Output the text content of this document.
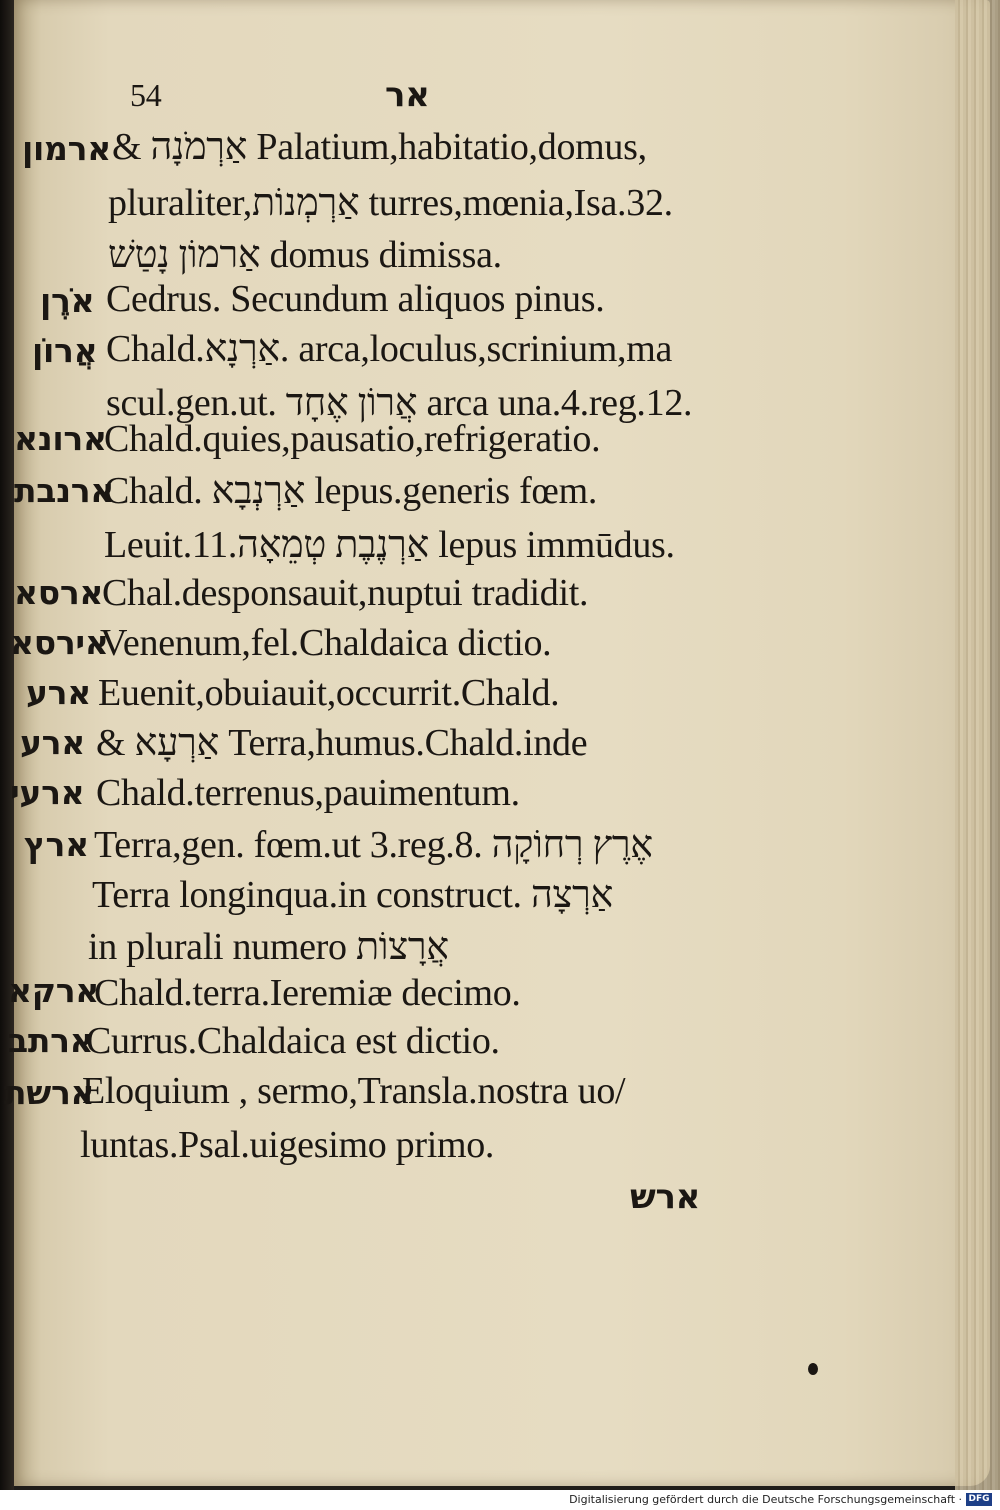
54	אר
ארמון & אַרְמֹנָה Palatium,habitatio,domus,
pluraliter,אַרְמְנוֹת turres,mœnia,Isa.32.
אַרמוֹן נָטַשׁ domus dimissa.
אֹרֶן Cedrus. Secundum aliquos pinus.
אֲרוֹן Chald.אַרְנָא. arca,loculus,scrinium,ma
scul.gen.ut. אֲרוֹן אֶחָד arca una.4.reg.12.
ארונא
Chald.quies,pausatio,refrigeratio.
ארנבת
Chald. אַרְנְבָא lepus.generis fœm.
Leuit.11.אַרְנֶבֶת טְמֵאָה lepus immūdus.
ארסא
Chal.desponsauit,nuptui tradidit.
אירסא
Venenum,fel.Chaldaica dictio.
ארע Euenit,obuiauit,occurrit.Chald.
ארע & אַרְעָא Terra,humus.Chald.inde
ארעי Chald.terrenus,pauimentum.
ארץ Terra,gen. fœm.ut 3.reg.8. אֶרֶץ רְחוֹקָה
Terra longinqua.in construct. אַרְצָה
in plurali numero אֲרָצוֹת
ארקא
Chald.terra.Ieremiæ decimo.
ארתב
Currus.Chaldaica est dictio.
ארשת
Eloquium , sermo,Transla.nostra uo/
luntas.Psal.uigesimo primo.
ארש
Digitalisierung gefördert durch die Deutsche Forschungsgemeinschaft · DFG
